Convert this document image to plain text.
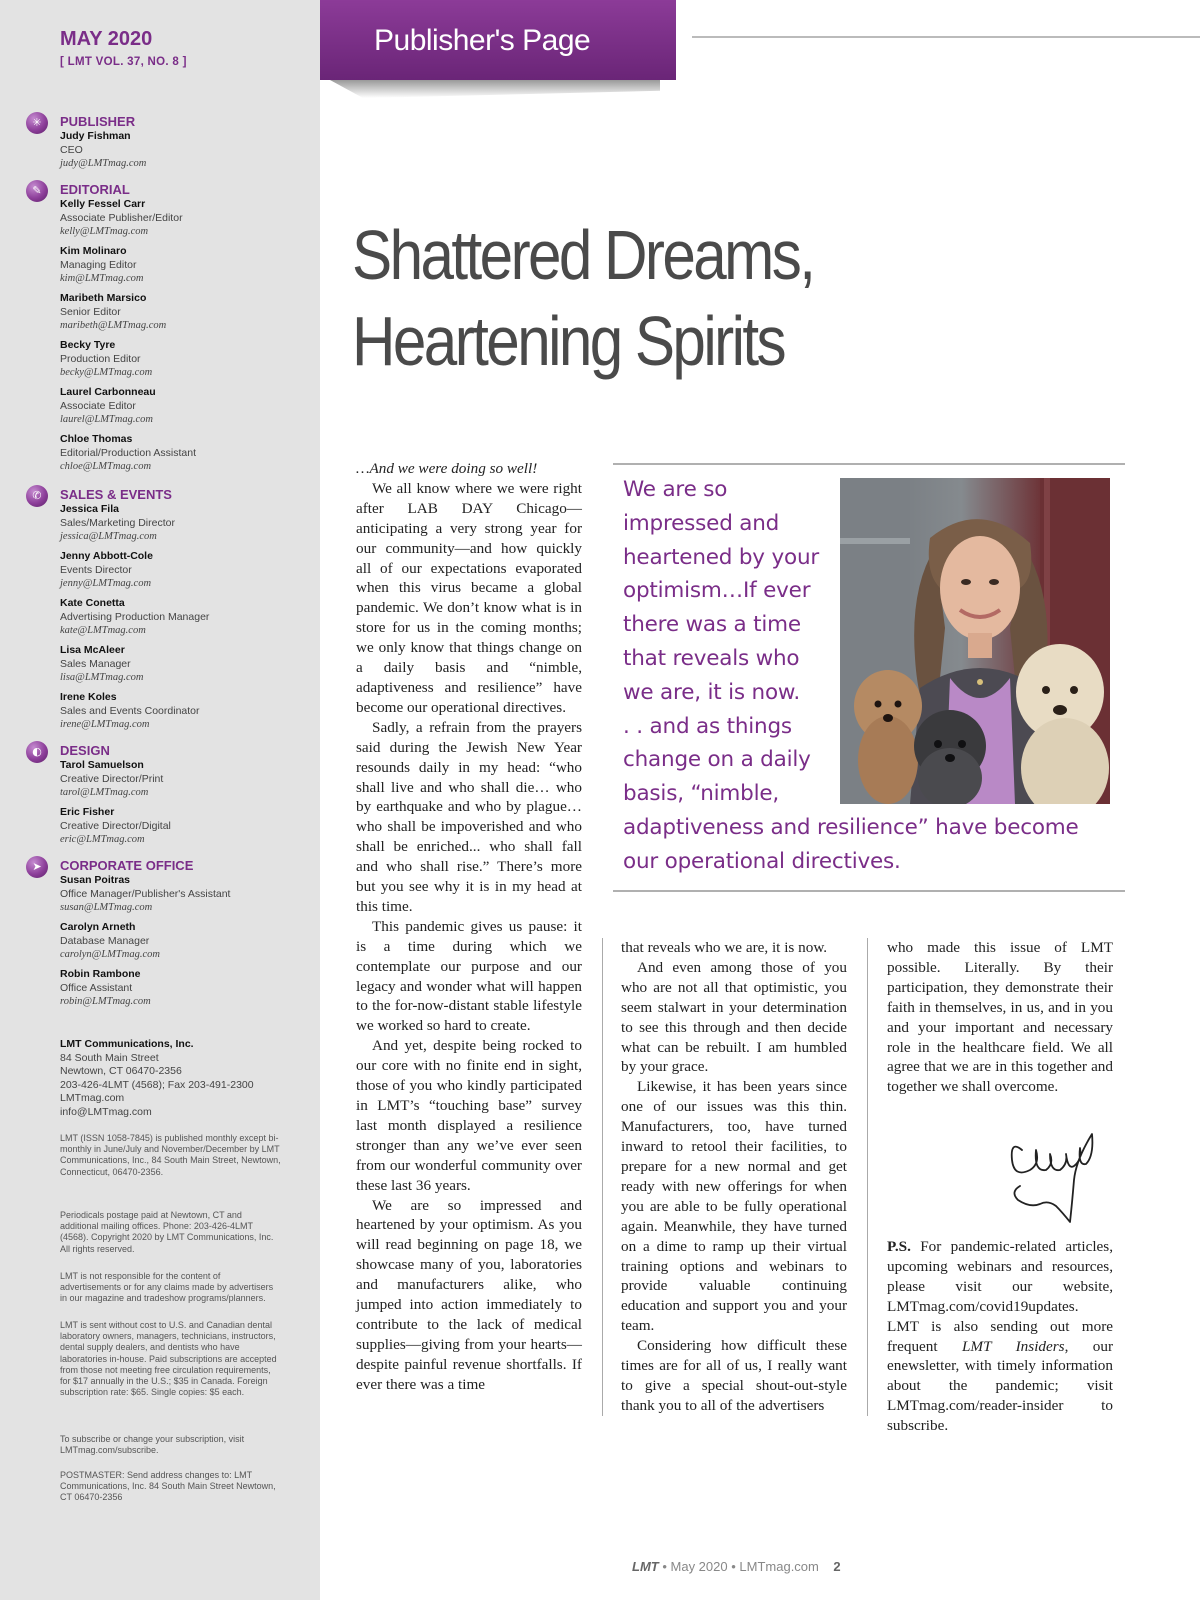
MAY 2020
[ LMT VOL. 37, NO. 8 ]
✳	PUBLISHER
Judy Fishman
CEO
judy@LMTmag.com
✎	EDITORIAL
Kelly Fessel Carr
Associate Publisher/Editor
kelly@LMTmag.com
Kim Molinaro
Managing Editor
kim@LMTmag.com
Maribeth Marsico
Senior Editor
maribeth@LMTmag.com
Becky Tyre
Production Editor
becky@LMTmag.com
Laurel Carbonneau
Associate Editor
laurel@LMTmag.com
Chloe Thomas
Editorial/Production Assistant
chloe@LMTmag.com
✆	SALES & EVENTS
Jessica Fila
Sales/Marketing Director
jessica@LMTmag.com
Jenny Abbott-Cole
Events Director
jenny@LMTmag.com
Kate Conetta
Advertising Production Manager
kate@LMTmag.com
Lisa McAleer
Sales Manager
lisa@LMTmag.com
Irene Koles
Sales and Events Coordinator
irene@LMTmag.com
◐	DESIGN
Tarol Samuelson
Creative Director/Print
tarol@LMTmag.com
Eric Fisher
Creative Director/Digital
eric@LMTmag.com
➤	CORPORATE OFFICE
Susan Poitras
Office Manager/Publisher's Assistant
susan@LMTmag.com
Carolyn Arneth
Database Manager
carolyn@LMTmag.com
Robin Rambone
Office Assistant
robin@LMTmag.com
LMT Communications, Inc.
84 South Main Street
Newtown, CT 06470-2356
203-426-4LMT (4568); Fax 203-491-2300
LMTmag.com
info@LMTmag.com
LMT (ISSN 1058-7845) is published monthly except bi-monthly in June/July and November/December by LMT Communications, Inc., 84 South Main Street, Newtown, Connecticut, 06470-2356.
Periodicals postage paid at Newtown, CT and additional mailing offices. Phone: 203-426-4LMT (4568). Copyright 2020 by LMT Communications, Inc. All rights reserved.
LMT is not responsible for the content of advertisements or for any claims made by advertisers in our magazine and tradeshow programs/planners.
LMT is sent without cost to U.S. and Canadian dental laboratory owners, managers, technicians, instructors, dental supply dealers, and dentists who have laboratories in-house. Paid subscriptions are accepted from those not meeting free circulation requirements, for $17 annually in the U.S.; $35 in Canada. Foreign subscription rate: $65. Single copies: $5 each.
To subscribe or change your subscription, visit LMTmag.com/subscribe.
POSTMASTER: Send address changes to: LMT Communications, Inc. 84 South Main Street Newtown, CT 06470-2356
Publisher's Page
Shattered Dreams,
Heartening Spirits

…And we were doing so well!

We all know where we were right after LAB DAY Chicago—anticipating a very strong year for our community—and how quickly all of our expectations evaporated when this virus became a global pandemic. We don’t know what is in store for us in the coming months; we only know that things change on a daily basis and “nimble, adaptiveness and resilience” have become our operational directives.

Sadly, a refrain from the prayers said during the Jewish New Year resounds daily in my head: “who shall live and who shall die… who by earthquake and who by plague…who shall be impoverished and who shall be enriched... who shall fall and who shall rise.” There’s more but you see why it is in my head at this time.

This pandemic gives us pause: it is a time during which we contemplate our purpose and our legacy and wonder what will happen to the for-now-distant stable lifestyle we worked so hard to create.

And yet, despite being rocked to our core with no finite end in sight, those of you who kindly participated in LMT’s “touching base” survey last month displayed a resilience stronger than any we’ve ever seen from our wonderful community over these last 36 years.

We are so impressed and heartened by your optimism. As you will read beginning on page 18, we showcase many of you, laboratories and manufacturers alike, who jumped into action immediately to contribute to the lack of medical supplies—giving from your hearts—despite painful revenue shortfalls. If ever there was a time

We are so
impressed and
heartened by your
optimism…If ever
there was a time
that reveals who
we are, it is now.
. . and as things
change on a daily
basis, “nimble,
adaptiveness and resilience” have become
our operational directives.

that reveals who we are, it is now.

And even among those of you who are not all that optimistic, you seem stalwart in your determination to see this through and then decide what can be rebuilt. I am humbled by your grace.

Likewise, it has been years since one of our issues was this thin. Manufacturers, too, have turned inward to retool their facilities, to prepare for a new normal and get ready with new offerings for when you are able to be fully operational again. Meanwhile, they have turned on a dime to ramp up their virtual training options and webinars to provide valuable continuing education and support you and your team.

Considering how difficult these times are for all of us, I really want to give a special shout-out-style thank you to all of the advertisers

who made this issue of LMT possible. Literally. By their participation, they demonstrate their faith in themselves, in us, and in you and your important and necessary role in the healthcare field. We all agree that we are in this together and together we shall overcome.

P.S. For pandemic-related articles, upcoming webinars and resources, please visit our website, LMTmag.com/covid19updates. LMT is also sending out more frequent LMT Insiders, our enewsletter, with timely information about the pandemic; visit LMTmag.com/reader-insider to subscribe.

LMT • May 2020 • LMTmag.com 2
